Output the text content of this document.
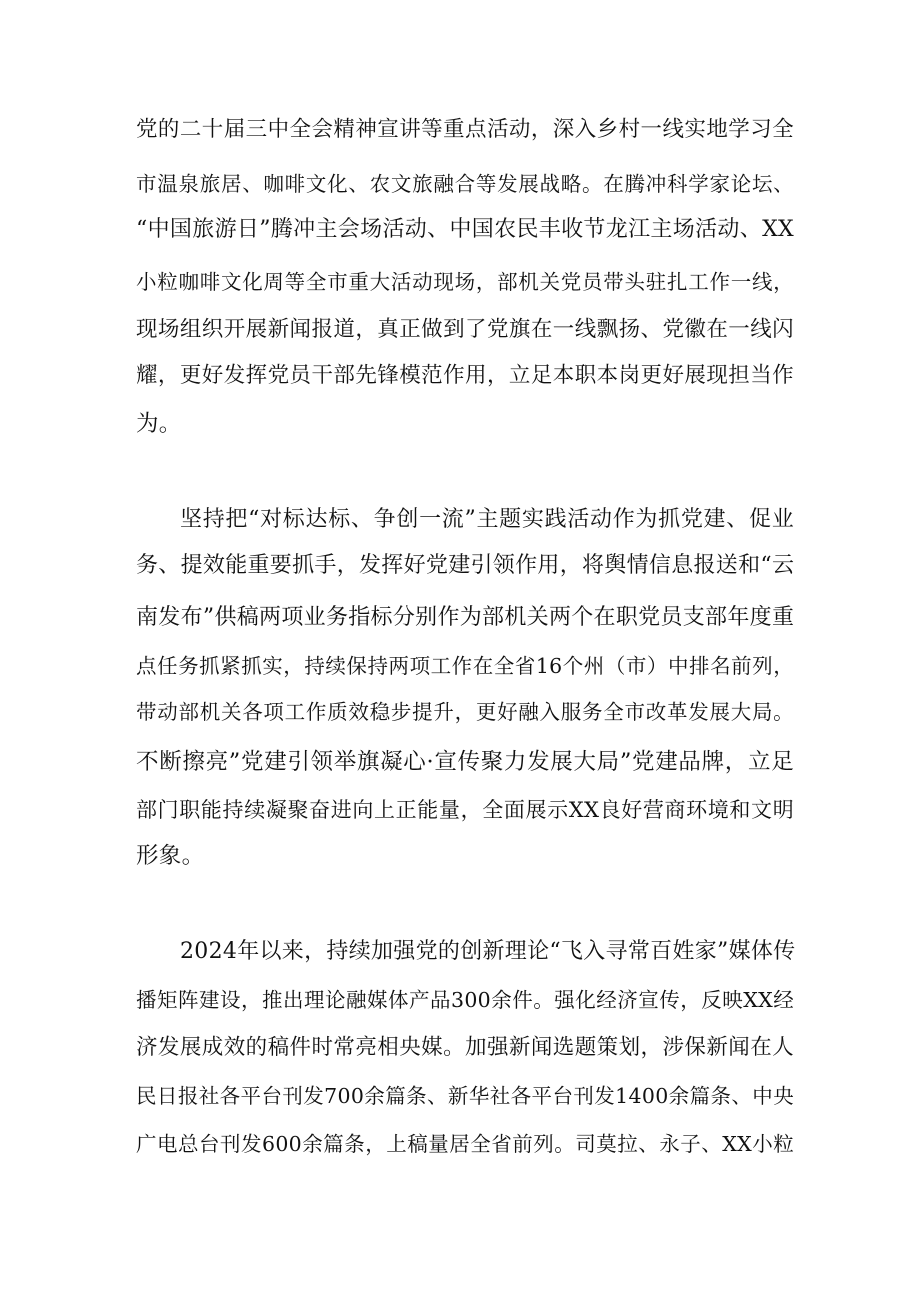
党的二十届三中全会精神宣讲等重点活动，深入乡村一线实地学习全
市温泉旅居、咖啡文化、农文旅融合等发展战略。在腾冲科学家论坛、
“中国旅游日”腾冲主会场活动、中国农民丰收节龙江主场活动、XX
小粒咖啡文化周等全市重大活动现场，部机关党员带头驻扎工作一线，
现场组织开展新闻报道，真正做到了党旗在一线飘扬、党徽在一线闪
耀，更好发挥党员干部先锋模范作用，立足本职本岗更好展现担当作
为。
坚持把“对标达标、争创一流”主题实践活动作为抓党建、促业
务、提效能重要抓手，发挥好党建引领作用，将舆情信息报送和“云
南发布”供稿两项业务指标分别作为部机关两个在职党员支部年度重
点任务抓紧抓实，持续保持两项工作在全省16个州（市）中排名前列，
带动部机关各项工作质效稳步提升，更好融入服务全市改革发展大局。
不断擦亮”党建引领举旗凝心·宣传聚力发展大局”党建品牌，立足
部门职能持续凝聚奋进向上正能量，全面展示XX良好营商环境和文明
形象。
2024年以来，持续加强党的创新理论“飞入寻常百姓家”媒体传
播矩阵建设，推出理论融媒体产品300余件。强化经济宣传，反映XX经
济发展成效的稿件时常亮相央媒。加强新闻选题策划，涉保新闻在人
民日报社各平台刊发700余篇条、新华社各平台刊发1400余篇条、中央
广电总台刊发600余篇条，上稿量居全省前列。司莫拉、永子、XX小粒
